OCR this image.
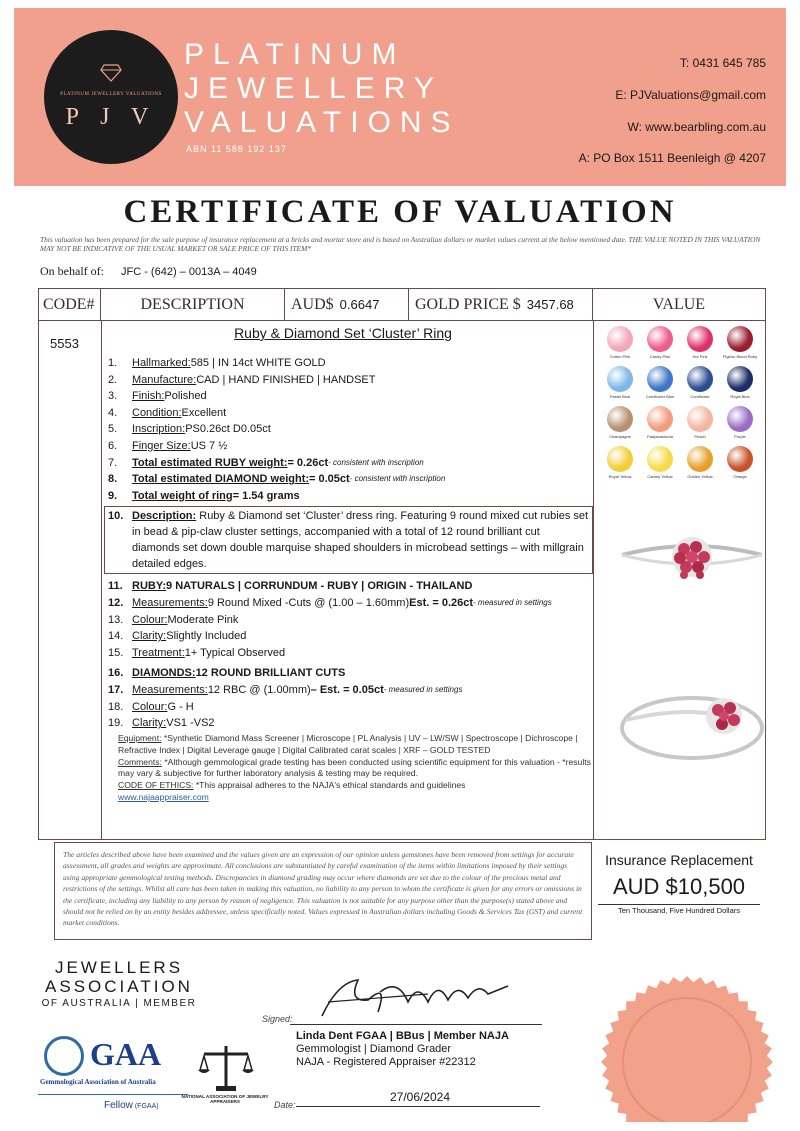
PLATINUM JEWELLERY VALUATIONS
P J V
PLATINUM
JEWELLERY
VALUATIONS
ABN 11 588 192 137
T: 0431 645 785
E: PJValuations@gmail.com
W: www.bearbling.com.au
A: PO Box 1511 Beenleigh @ 4207
CERTIFICATE OF VALUATION
This valuation has been prepared for the sale purpose of insurance replacement at a bricks and mortar store and is based on Australian dollars or market values current at the below mentioned date. THE VALUE NOTED IN THIS VALUATION MAY NOT BE INDICATIVE OF THE USUAL MARKET OR SALE PRICE OF THIS ITEM*
On behalf of: JFC - (642) – 0013A – 4049
CODE#	DESCRIPTION	AUD$ 0.6647	GOLD PRICE $ 3457.68	VALUE
5553
Ruby & Diamond Set ‘Cluster’ Ring
1.	Hallmarked: 585 | IN 14ct WHITE GOLD
2.	Manufacture: CAD | HAND FINISHED | HANDSET
3.	Finish: Polished
4.	Condition: Excellent
5.	Inscription: PS0.26ct D0.05ct
6.	Finger Size: US 7 ½
7.	Total estimated RUBY weight: = 0.26ct - consistent with inscription
8.	Total estimated DIAMOND weight: = 0.05ct - consistent with inscription
9.	Total weight of ring = 1.54 grams
10. Description: Ruby & Diamond set ‘Cluster’ dress ring. Featuring 9 round mixed cut rubies set in bead & pip-claw cluster settings, accompanied with a total of 12 round brilliant cut diamonds set down double marquise shaped shoulders in microbead settings – with millgrain detailed edges.
11. RUBY: 9 NATURALS | CORRUNDUM - RUBY | ORIGIN - THAILAND
12. Measurements: 9 Round Mixed -Cuts @ (1.00 – 1.60mm) Est. = 0.26ct - measured in settings
13. Colour: Moderate Pink
14. Clarity: Slightly Included
15. Treatment: 1+ Typical Observed
16. DIAMONDS: 12 ROUND BRILLIANT CUTS
17. Measurements: 12 RBC @ (1.00mm) – Est. = 0.05ct - measured in settings
18. Colour: G - H
19. Clarity: VS1 -VS2
Equipment: *Synthetic Diamond Mass Screener | Microscope | PL Analysis | UV – LW/SW | Spectroscope | Dichroscope | Refractive Index | Digital Leverage gauge | Digital Calibrated carat scales | XRF – GOLD TESTED
Comments: *Although gemmological grade testing has been conducted using scientific equipment for this valuation - *results may vary & subjective for further laboratory analysis & testing may be required.
CODE OF ETHICS: *This appraisal adheres to the NAJA's ethical standards and guidelines
www.najaappraiser.com
Cotton Pink	Candy Pink	Hot Pink	Pigeon Blood Ruby
Pastel Blue	Cornflower Blue	Cornflower	Royal Blue
Champagne	Padparadscha	Peach	Purple
Royal Yellow	Canary Yellow	Golden Yellow	Orange
The articles described above have been examined and the values given are an expression of our opinion unless gemstones have been removed from settings for accurate assessment, all grades and weights are approximate. All conclusions are substantiated by careful examination of the items within limitations imposed by their settings using appropriate gemmological testing methods. Discrepancies in diamond grading may occur where diamonds are set due to the colour of the precious metal and restrictions of the settings. Whilst all care has been taken in making this valuation, no liability to any person to whom the certificate is given for any errors or omissions in the certificate, including any liability to any person by reason of negligence. This valuation is not suitable for any purpose other than the purpose(s) stated above and should not be relied on by an entity besides addressee, unless specifically noted. Values expressed in Australian dollars including Goods & Services Tax (GST) and current market conditions.
Insurance Replacement
AUD $10,500
Ten Thousand, Five Hundred Dollars
JEWELLERS
ASSOCIATION
OF AUSTRALIA | MEMBER
GAA
Gemmological Association of Australia
Fellow (FGAA)
NATIONAL ASSOCIATION OF JEWELRY APPRAISERS
Signed:
Linda Dent FGAA | BBus | Member NAJA
Gemmologist | Diamond Grader
NAJA - Registered Appraiser #22312
Date:
27/06/2024
